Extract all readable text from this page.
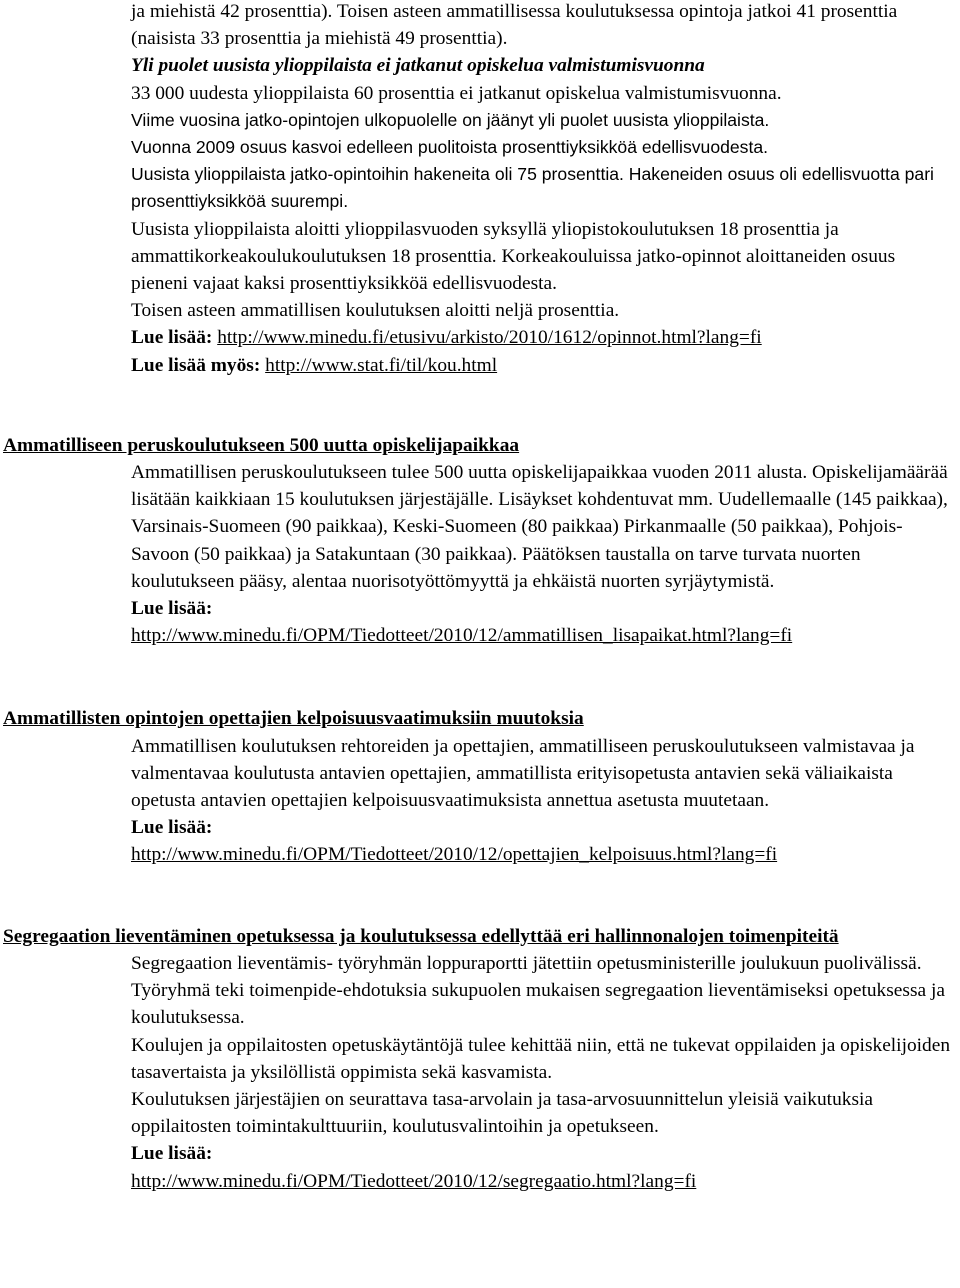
ja miehistä 42 prosenttia). Toisen asteen ammatillisessa koulutuksessa opintoja jatkoi 41 prosenttia (naisista 33 prosenttia ja miehistä 49 prosenttia).

Yli puolet uusista ylioppilaista ei jatkanut opiskelua valmistumisvuonna

33 000 uudesta ylioppilaista 60 prosenttia ei jatkanut opiskelua valmistumisvuonna.

Viime vuosina jatko-opintojen ulkopuolelle on jäänyt yli puolet uusista ylioppilaista.

Vuonna 2009 osuus kasvoi edelleen puolitoista prosenttiyksikköä edellisvuodesta.

Uusista ylioppilaista jatko-opintoihin hakeneita oli 75 prosenttia. Hakeneiden osuus oli edellisvuotta pari prosenttiyksikköä suurempi.

Uusista ylioppilaista aloitti ylioppilasvuoden syksyllä yliopistokoulutuksen 18 prosenttia ja ammattikorkeakoulukoulutuksen 18 prosenttia. Korkeakouluissa jatko-opinnot aloittaneiden osuus pieneni vajaat kaksi prosenttiyksikköä edellisvuodesta.

Toisen asteen ammatillisen koulutuksen aloitti neljä prosenttia.

Lue lisää: http://www.minedu.fi/etusivu/arkisto/2010/1612/opinnot.html?lang=fi

Lue lisää myös: http://www.stat.fi/til/kou.html

Ammatilliseen peruskoulutukseen 500 uutta opiskelijapaikkaa

Ammatillisen peruskoulutukseen tulee 500 uutta opiskelijapaikkaa vuoden 2011 alusta. Opiskelijamäärää lisätään kaikkiaan 15 koulutuksen järjestäjälle. Lisäykset kohdentuvat mm. Uudellemaalle (145 paikkaa), Varsinais-Suomeen (90 paikkaa), Keski-Suomeen (80 paikkaa) Pirkanmaalle (50 paikkaa), Pohjois-Savoon (50 paikkaa) ja Satakuntaan (30 paikkaa). Päätöksen taustalla on tarve turvata nuorten koulutukseen pääsy, alentaa nuorisotyöttömyyttä ja ehkäistä nuorten syrjäytymistä.

Lue lisää:

http://www.minedu.fi/OPM/Tiedotteet/2010/12/ammatillisen_lisapaikat.html?lang=fi

Ammatillisten opintojen opettajien kelpoisuusvaatimuksiin muutoksia

Ammatillisen koulutuksen rehtoreiden ja opettajien, ammatilliseen peruskoulutukseen valmistavaa ja valmentavaa koulutusta antavien opettajien, ammatillista erityisopetusta antavien sekä väliaikaista opetusta antavien opettajien kelpoisuusvaatimuksista annettua asetusta muutetaan.

Lue lisää:

http://www.minedu.fi/OPM/Tiedotteet/2010/12/opettajien_kelpoisuus.html?lang=fi

Segregaation lieventäminen opetuksessa ja koulutuksessa edellyttää eri hallinnonalojen toimenpiteitä

Segregaation lieventämis- työryhmän loppuraportti jätettiin opetusministerille joulukuun puolivälissä. Työryhmä teki toimenpide-ehdotuksia sukupuolen mukaisen segregaation lieventämiseksi opetuksessa ja koulutuksessa.

Koulujen ja oppilaitosten opetuskäytäntöjä tulee kehittää niin, että ne tukevat oppilaiden ja opiskelijoiden tasavertaista ja yksilöllistä oppimista sekä kasvamista.

Koulutuksen järjestäjien on seurattava tasa-arvolain ja tasa-arvosuunnittelun yleisiä vaikutuksia oppilaitosten toimintakulttuuriin, koulutusvalintoihin ja opetukseen.

Lue lisää:

http://www.minedu.fi/OPM/Tiedotteet/2010/12/segregaatio.html?lang=fi
